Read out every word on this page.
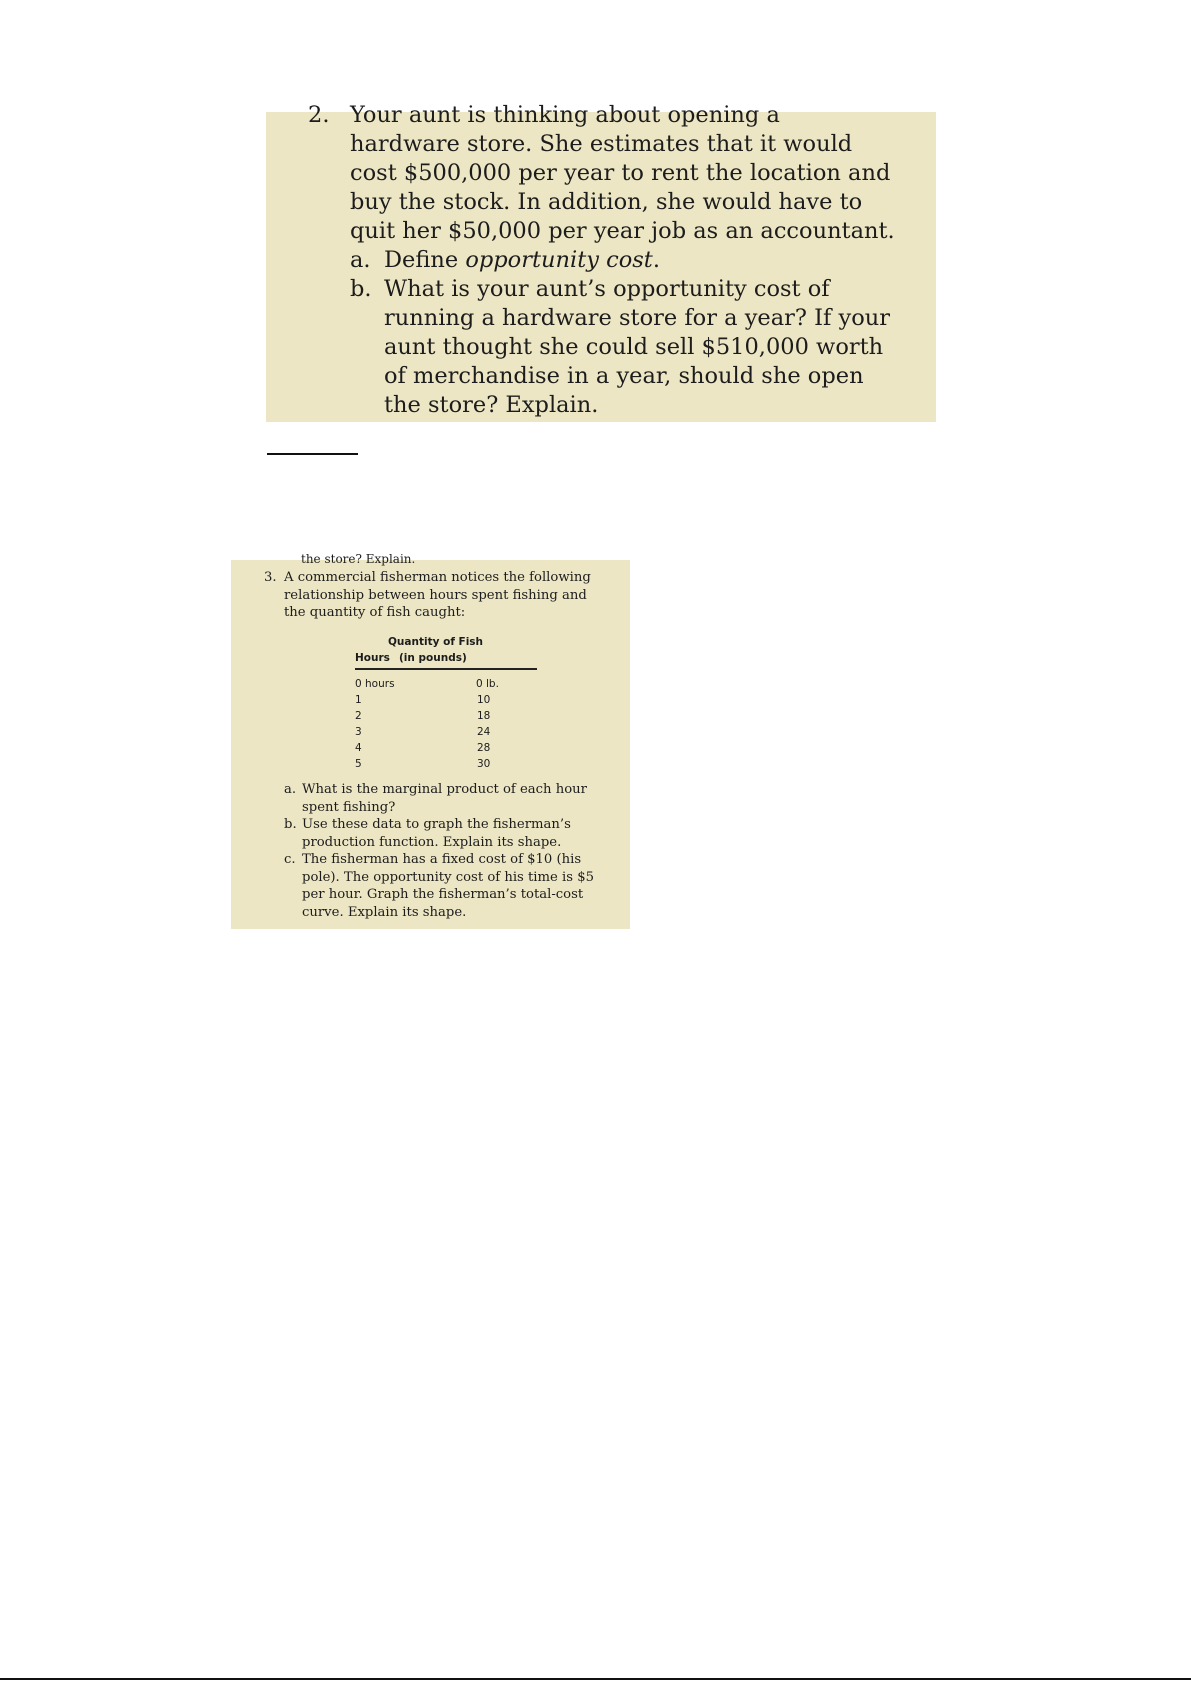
2. Your aunt is thinking about opening a
hardware store. She estimates that it would
cost $500,000 per year to rent the location and
buy the stock. In addition, she would have to
quit her $50,000 per year job as an accountant.
a. Define opportunity cost.
b. What is your aunt’s opportunity cost of
running a hardware store for a year? If your
aunt thought she could sell $510,000 worth
of merchandise in a year, should she open
the store? Explain.
the store? Explain.
3. A commercial fisherman notices the following
relationship between hours spent fishing and
the quantity of fish caught:
Quantity of Fish
Hours (in pounds)
0 hours	0 lb.
1	10
2	18
3	24
4	28
5	30
a. What is the marginal product of each hour
spent fishing?
b. Use these data to graph the fisherman’s
production function. Explain its shape.
c. The fisherman has a fixed cost of $10 (his
pole). The opportunity cost of his time is $5
per hour. Graph the fisherman’s total-cost
curve. Explain its shape.
